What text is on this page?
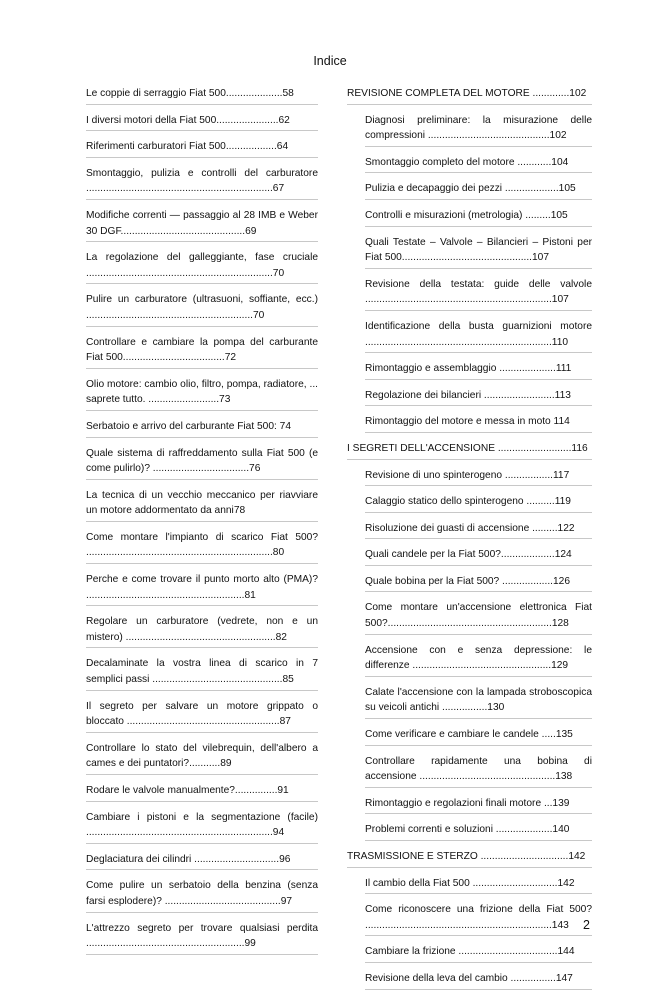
Indice
Le coppie di serraggio Fiat 500....................58
I diversi motori della Fiat 500......................62
Riferimenti carburatori Fiat 500..................64
Smontaggio, pulizia e controlli del carburatore ..................................................................67
Modifiche correnti — passaggio al 28 IMB e Weber 30 DGF............................................69
La regolazione del galleggiante, fase cruciale ..................................................................70
Pulire un carburatore (ultrasuoni, soffiante, ecc.) ...........................................................70
Controllare e cambiare la pompa del carburante Fiat 500....................................72
Olio motore: cambio olio, filtro, pompa, radiatore, ... saprete tutto. .........................73
Serbatoio e arrivo del carburante Fiat 500: 74
Quale sistema di raffreddamento sulla Fiat 500 (e come pulirlo)? ..................................76
La tecnica di un vecchio meccanico per riavviare un motore addormentato da anni78
Come montare l'impianto di scarico Fiat 500? ..................................................................80
Perche e come trovare il punto morto alto (PMA)? ........................................................81
Regolare un carburatore (vedrete, non e un mistero) .....................................................82
Decalaminate la vostra linea di scarico in 7 semplici passi ..............................................85
Il segreto per salvare un motore grippato o bloccato ......................................................87
Controllare lo stato del vilebrequin, dell'albero a cames e dei puntatori?...........89
Rodare le valvole manualmente?...............91
Cambiare i pistoni e la segmentazione (facile) ..................................................................94
Deglaciatura dei cilindri ..............................96
Come pulire un serbatoio della benzina (senza farsi esplodere)? .........................................97
L'attrezzo segreto per trovare qualsiasi perdita ........................................................99
REVISIONE COMPLETA DEL MOTORE .............102
Diagnosi preliminare: la misurazione delle compressioni ...........................................102
Smontaggio completo del motore ............104
Pulizia e decapaggio dei pezzi ...................105
Controlli e misurazioni (metrologia) .........105
Quali Testate – Valvole – Bilancieri – Pistoni per Fiat 500..............................................107
Revisione della testata: guide delle valvole ..................................................................107
Identificazione della busta guarnizioni motore ..................................................................110
Rimontaggio e assemblaggio ....................111
Regolazione dei bilancieri .........................113
Rimontaggio del motore e messa in moto 114
I SEGRETI DELL'ACCENSIONE ..........................116
Revisione di uno spinterogeno .................117
Calaggio statico dello spinterogeno ..........119
Risoluzione dei guasti di accensione .........122
Quali candele per la Fiat 500?...................124
Quale bobina per la Fiat 500? ..................126
Come montare un'accensione elettronica Fiat 500?..........................................................128
Accensione con e senza depressione: le differenze .................................................129
Calate l'accensione con la lampada stroboscopica su veicoli antichi ................130
Come verificare e cambiare le candele .....135
Controllare rapidamente una bobina di accensione ................................................138
Rimontaggio e regolazioni finali motore ...139
Problemi correnti e soluzioni ....................140
TRASMISSIONE E STERZO ...............................142
Il cambio della Fiat 500 ..............................142
Come riconoscere una frizione della Fiat 500? ..................................................................143
Cambiare la frizione ...................................144
Revisione della leva del cambio ................147
2
